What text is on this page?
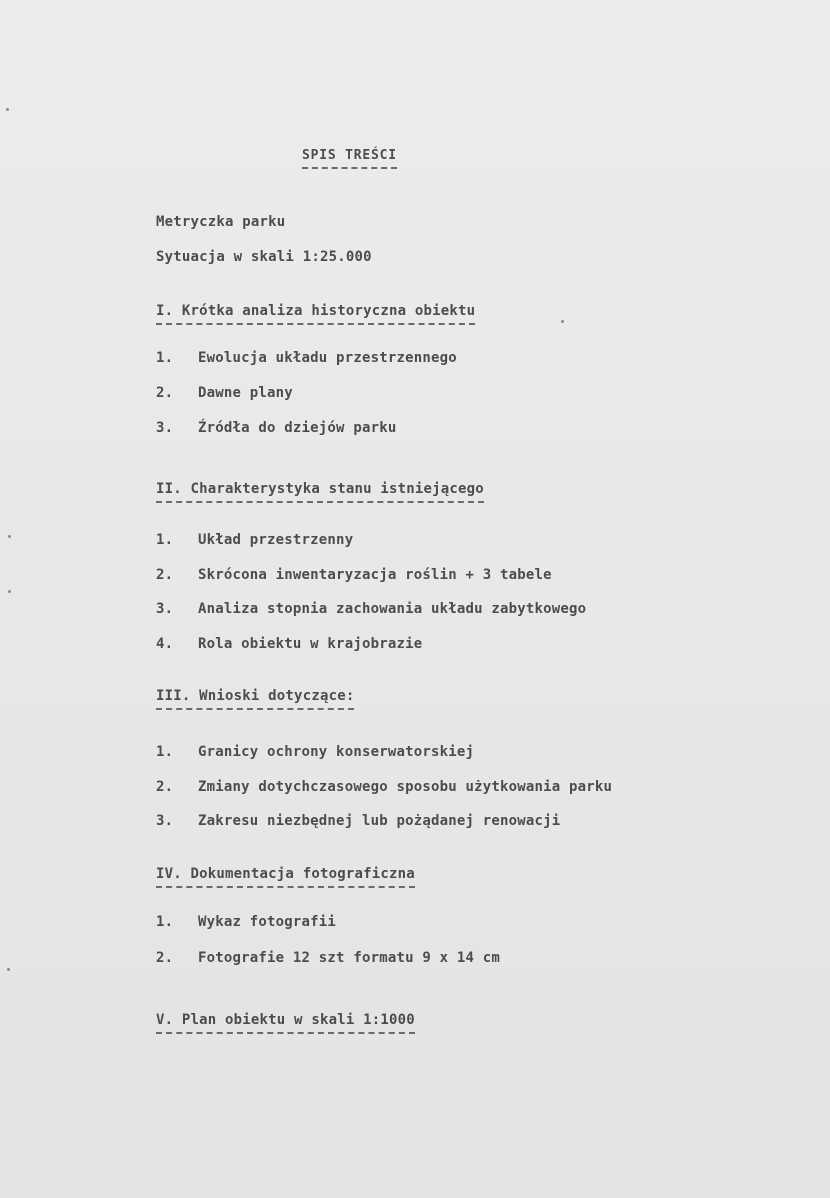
SPIS TREŚCI
Metryczka parku
Sytuacja w skali 1:25.000
I. Krótka analiza historyczna obiektu
1. Ewolucja układu przestrzennego
2. Dawne plany
3. Źródła do dziejów parku
II. Charakterystyka stanu istniejącego
1. Układ przestrzenny
2. Skrócona inwentaryzacja roślin + 3 tabele
3. Analiza stopnia zachowania układu zabytkowego
4. Rola obiektu w krajobrazie
III. Wnioski dotyczące:
1. Granicy ochrony konserwatorskiej
2. Zmiany dotychczasowego sposobu użytkowania parku
3. Zakresu niezbędnej lub pożądanej renowacji
IV. Dokumentacja fotograficzna
1. Wykaz fotografii
2. Fotografie 12 szt formatu 9 x 14 cm
V. Plan obiektu w skali 1:1000
